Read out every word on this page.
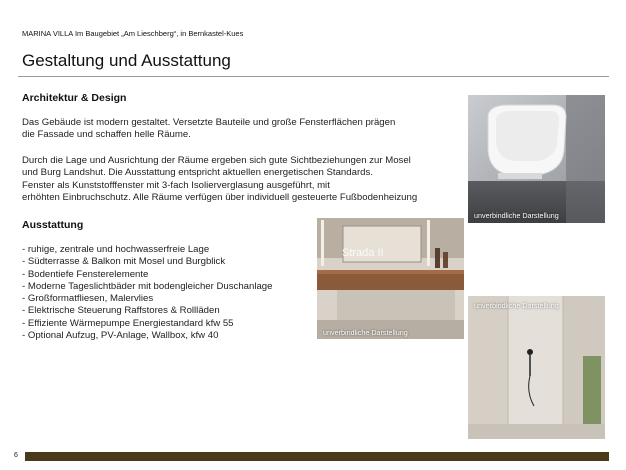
MARINA VILLA Im Baugebiet „Am Lieschberg“, in Bernkastel-Kues
Gestaltung und Ausstattung
Architektur & Design
Das Gebäude ist modern gestaltet. Versetzte Bauteile und große Fensterflächen prägen
die Fassade und schaffen helle Räume.
Durch die Lage und Ausrichtung der Räume ergeben sich gute Sichtbeziehungen zur Mosel
und Burg Landshut. Die Ausstattung entspricht aktuellen energetischen Standards.
Fenster als Kunststofffenster mit 3-fach Isolierverglasung ausgeführt, mit
erhöhten Einbruchschutz. Alle Räume verfügen über individuell gesteuerte Fußbodenheizung
Ausstattung
- ruhige, zentrale und hochwasserfreie Lage
- Südterrasse & Balkon mit Mosel und Burgblick
- Bodentiefe Fensterelemente
- Moderne Tageslichtbäder mit bodengleicher Duschanlage
- Großformatfliesen, Malervlies
- Elektrische Steuerung Raffstores & Rollläden
- Effiziente Wärmepumpe Energiestandard kfw 55
- Optional Aufzug, PV-Anlage, Wallbox, kfw 40
unverbindliche Darstellung
Strada II
unverbindliche Darstellung
unverbindliche Darstellung
6
